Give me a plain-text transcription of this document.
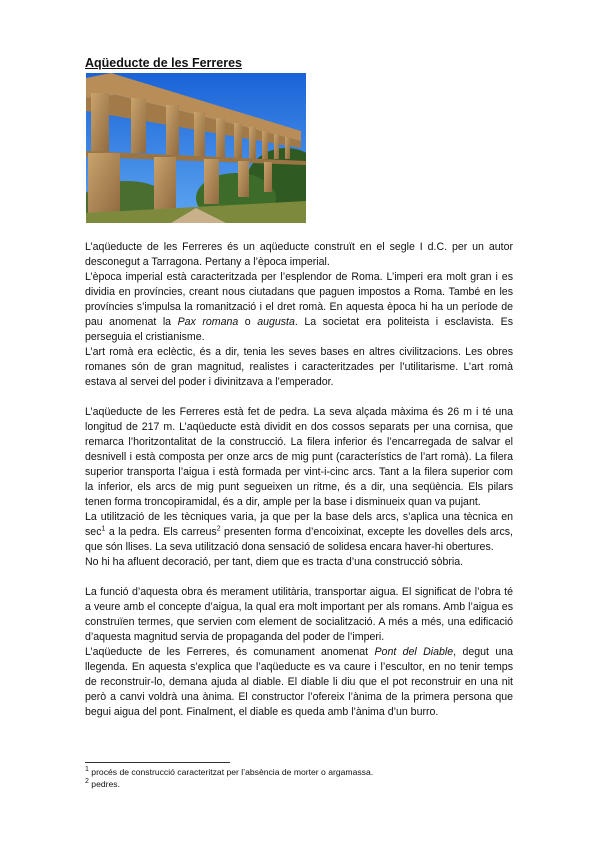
Aqüeducte de les Ferreres

L’aqüeducte de les Ferreres és un aqüeducte construït en el segle I d.C. per un autor desconegut a Tarragona. Pertany a l’època imperial.

L’època imperial està caracteritzada per l’esplendor de Roma. L’imperi era molt gran i es dividia en províncies, creant nous ciutadans que paguen impostos a Roma. També en les províncies s’impulsa la romanització i el dret romà. En aquesta època hi ha un període de pau anomenat la Pax romana o augusta. La societat era politeista i esclavista. Es perseguia el cristianisme.

L’art romà era eclèctic, és a dir, tenia les seves bases en altres civilitzacions. Les obres romanes són de gran magnitud, realistes i caracteritzades per l’utilitarisme. L’art romà estava al servei del poder i divinitzava a l’emperador.

L’aqüeducte de les Ferreres està fet de pedra. La seva alçada màxima és 26 m i té una longitud de 217 m. L’aqüeducte està dividit en dos cossos separats per una cornisa, que remarca l’horitzontalitat de la construcció. La filera inferior és l’encarregada de salvar el desnivell i està composta per onze arcs de mig punt (característics de l’art romà). La filera superior transporta l’aigua i està formada per vint-i-cinc arcs. Tant a la filera superior com la inferior, els arcs de mig punt segueixen un ritme, és a dir, una seqüència. Els pilars tenen forma troncopiramidal, és a dir, ample per la base i disminueix quan va pujant.

La utilització de les tècniques varia, ja que per la base dels arcs, s’aplica una tècnica en $\sec^1 a$ la pedra. Els carreus$^2$ presenten forma d’encoixinat, excepte les dovelles dels arcs, que són llises. La seva utilització dona sensació de solidesa encara haver-hi obertures.

No hi ha afluent decoració, per tant, diem que es tracta d’una construcció sòbria.

La funció d’aquesta obra és merament utilitària, transportar aigua. El significat de l’obra té a veure amb el concepte d’aigua, la qual era molt important per als romans. Amb l’aigua es construïen termes, que servien com element de socialització. A més a més, una edificació d’aquesta magnitud servia de propaganda del poder de l’imperi.

L’aqüeducte de les Ferreres, és comunament anomenat Pont del Diable, degut una llegenda. En aquesta s’explica que l’aqüeducte es va caure i l’escultor, en no tenir temps de reconstruir-lo, demana ajuda al diable. El diable li diu que el pot reconstruir en una nit però a canvi voldrà una ànima. El constructor l’ofereix l’ànima de la primera persona que begui aigua del pont. Finalment, el diable es queda amb l’ànima d’un burro.

$^1$ procés de construcció caracteritzat per l’absència de morter o argamassa.
$^2$ pedres.
